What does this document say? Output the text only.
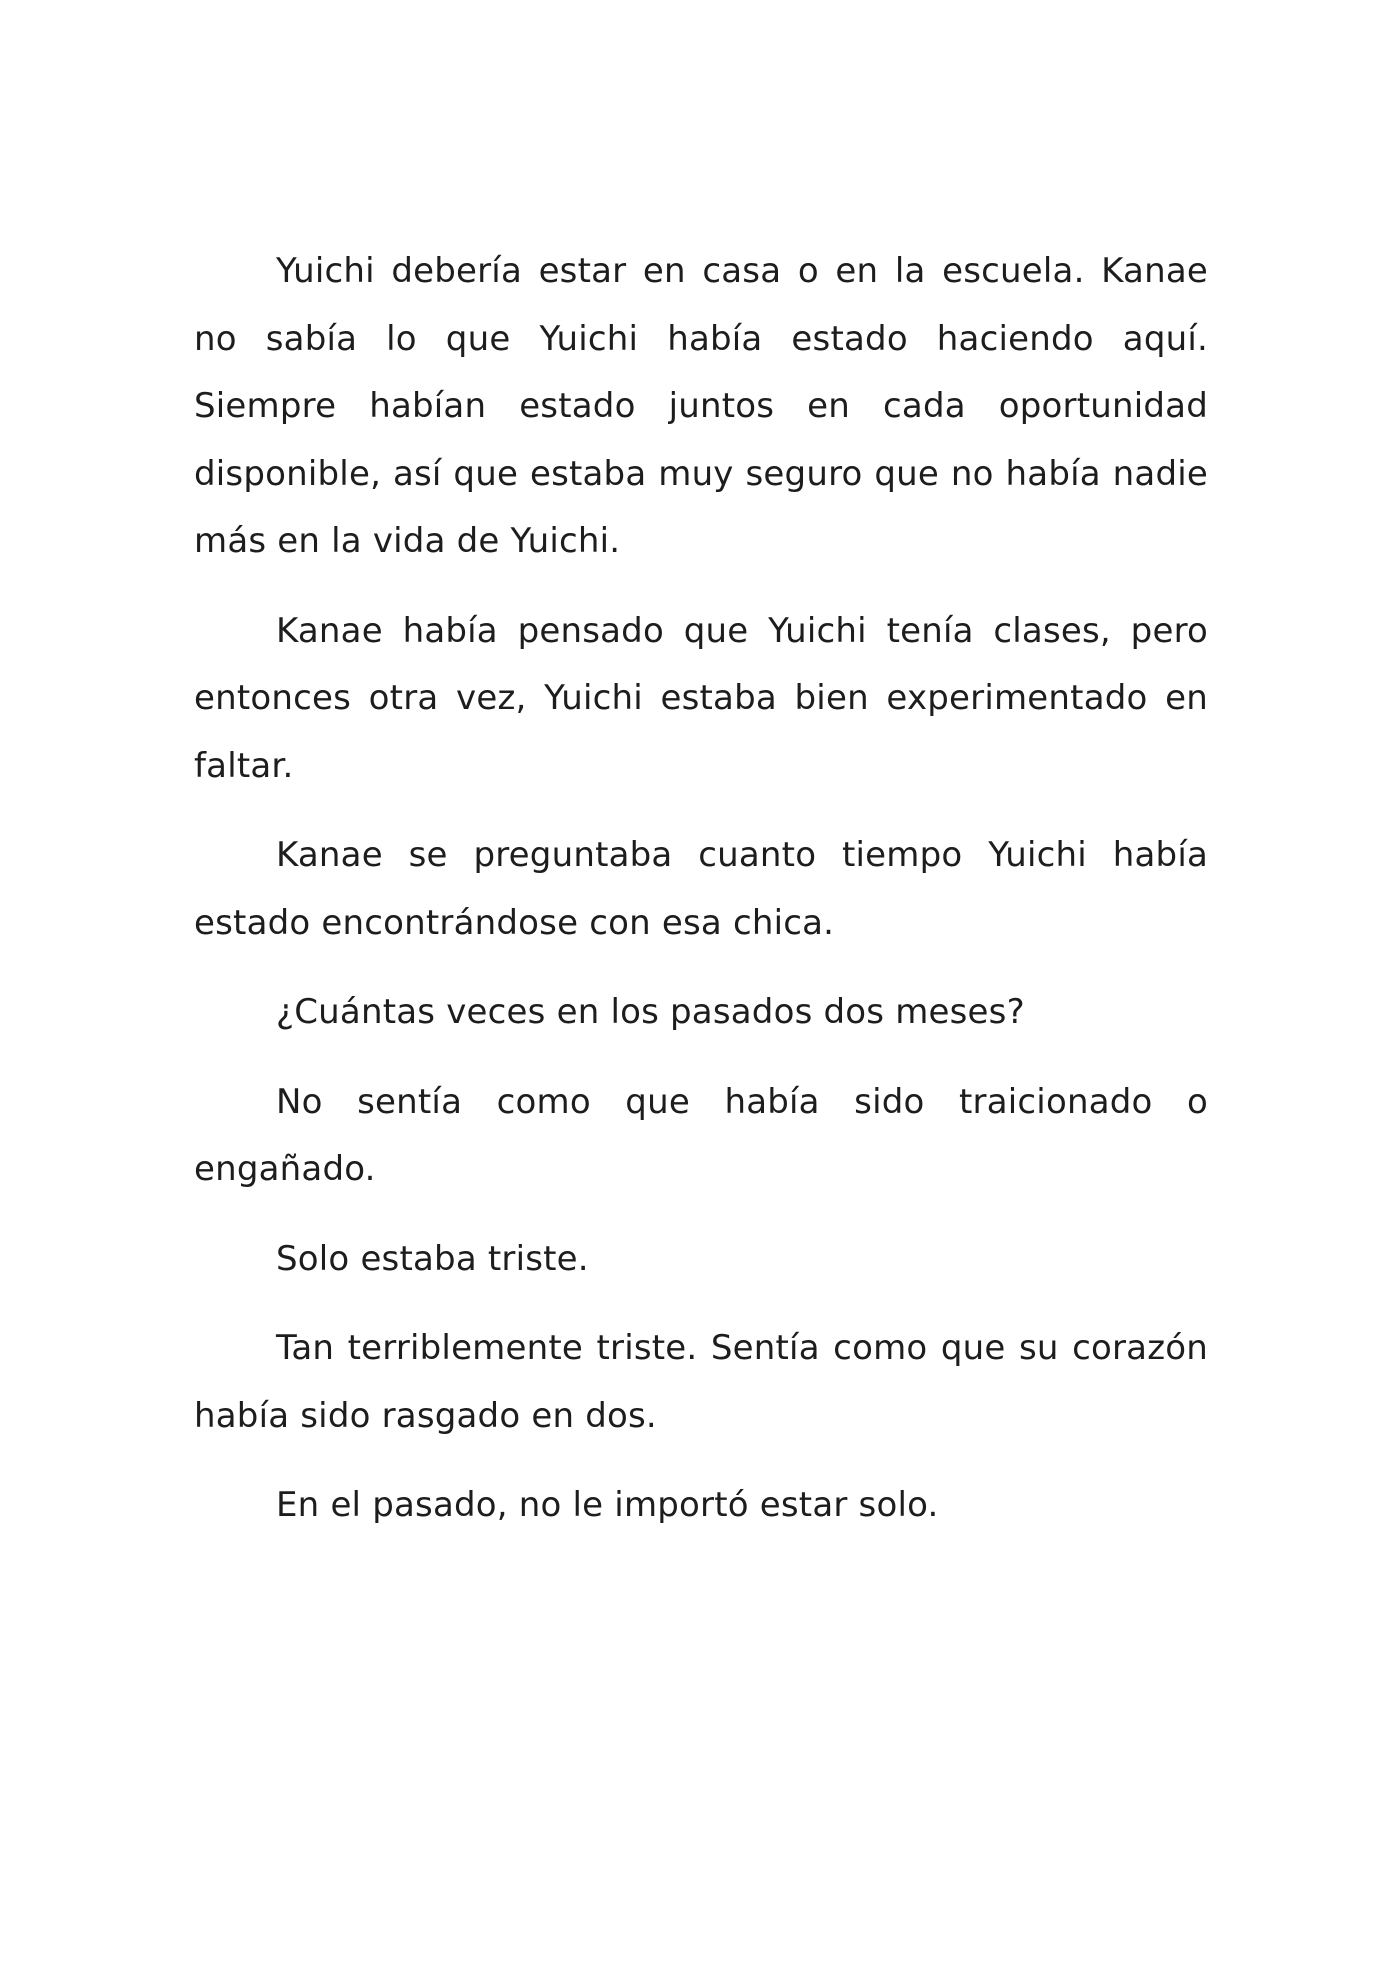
Yuichi debería estar en casa o en la escuela. Kanae no sabía lo que Yuichi había estado haciendo aquí. Siempre habían estado juntos en cada oportunidad disponible, así que estaba muy seguro que no había nadie más en la vida de Yuichi.

Kanae había pensado que Yuichi tenía clases, pero entonces otra vez, Yuichi estaba bien experimentado en faltar.

Kanae se preguntaba cuanto tiempo Yuichi había estado encontrándose con esa chica.

¿Cuántas veces en los pasados dos meses?

No sentía como que había sido traicionado o engañado.

Solo estaba triste.

Tan terriblemente triste. Sentía como que su corazón había sido rasgado en dos.

En el pasado, no le importó estar solo.
